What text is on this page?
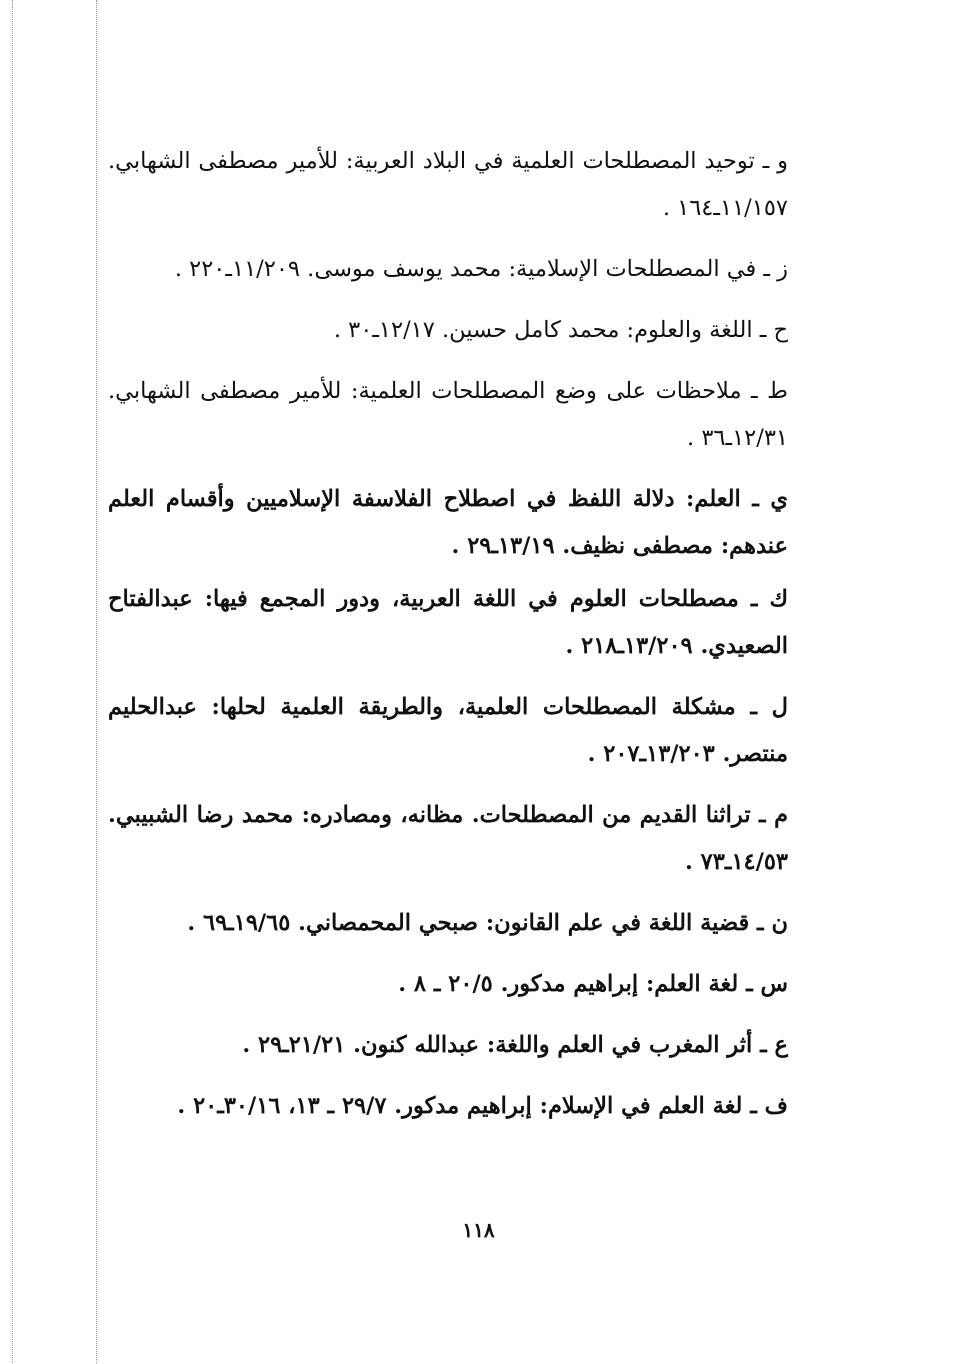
و ـ توحيد المصطلحات العلمية في البلاد العربية: للأمير مصطفى الشهابي. ١١/١٥٧ـ١٦٤ .

ز ـ في المصطلحات الإسلامية: محمد يوسف موسى. ١١/٢٠٩ـ٢٢٠ .

ح ـ اللغة والعلوم: محمد كامل حسين. ١٢/١٧ـ٣٠ .

ط ـ ملاحظات على وضع المصطلحات العلمية: للأمير مصطفى الشهابي. ١٢/٣١ـ٣٦ .

ي ـ العلم: دلالة اللفظ في اصطلاح الفلاسفة الإسلاميين وأقسام العلم عندهم: مصطفى نظيف. ١٣/١٩ـ٢٩ .

ك ـ مصطلحات العلوم في اللغة العربية، ودور المجمع فيها: عبدالفتاح الصعيدي. ١٣/٢٠٩ـ٢١٨ .

ل ـ مشكلة المصطلحات العلمية، والطريقة العلمية لحلها: عبدالحليم منتصر. ١٣/٢٠٣ـ٢٠٧ .

م ـ تراثنا القديم من المصطلحات. مظانه، ومصادره: محمد رضا الشبيبي. ١٤/٥٣ـ٧٣ .

ن ـ قضية اللغة في علم القانون: صبحي المحمصاني. ١٩/٦٥ـ٦٩ .

س ـ لغة العلم: إبراهيم مدكور. ٢٠/٥ ـ ٨ .

ع ـ أثر المغرب في العلم واللغة: عبدالله كنون. ٢١/٢١ـ٢٩ .

ف ـ لغة العلم في الإسلام: إبراهيم مدكور. ٢٩/٧ ـ ١٣، ٣٠/١٦ـ٢٠ .

١١٨
